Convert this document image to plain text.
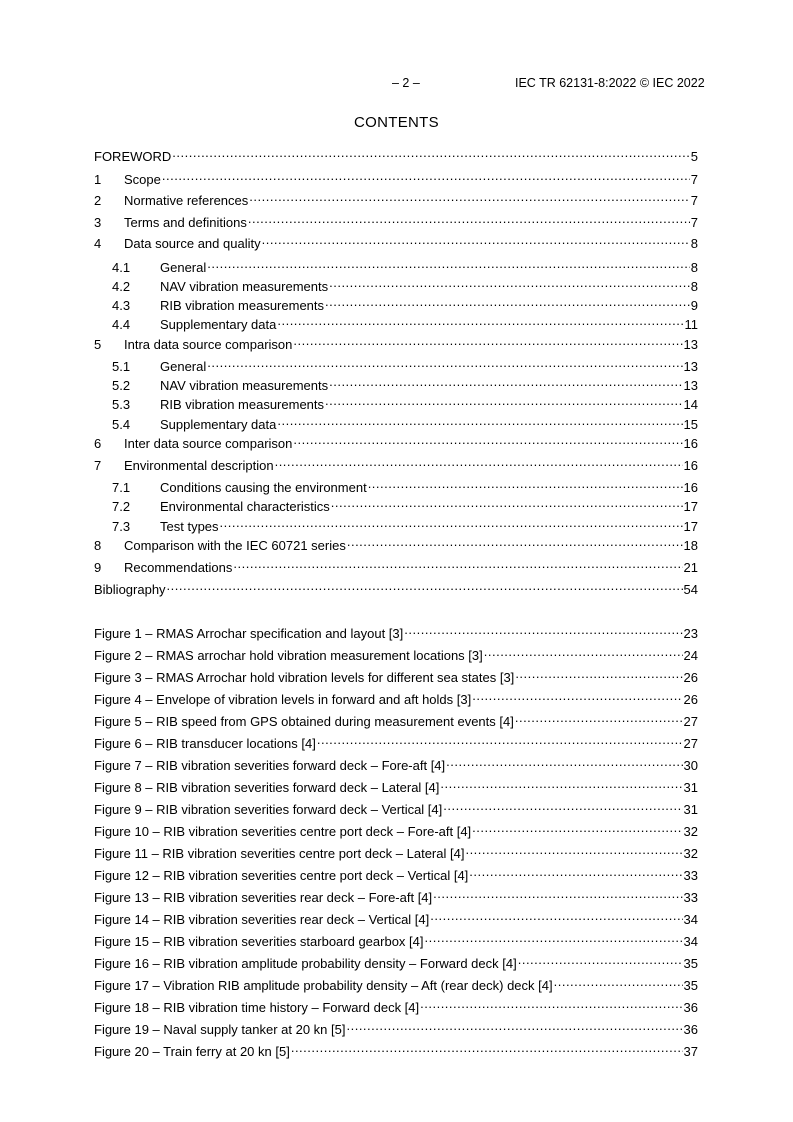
– 2 –	IEC TR 62131-8:2022 © IEC 2022
CONTENTS
FOREWORD .....	5
1	Scope .....	7
2	Normative references .....	7
3	Terms and definitions .....	7
4	Data source and quality .....	8
4.1	General .....	8
4.2	NAV vibration measurements .....	8
4.3	RIB vibration measurements .....	9
4.4	Supplementary data .....	11
5	Intra data source comparison .....	13
5.1	General .....	13
5.2	NAV vibration measurements .....	13
5.3	RIB vibration measurements .....	14
5.4	Supplementary data .....	15
6	Inter data source comparison .....	16
7	Environmental description .....	16
7.1	Conditions causing the environment .....	16
7.2	Environmental characteristics .....	17
7.3	Test types .....	17
8	Comparison with the IEC 60721 series .....	18
9	Recommendations .....	21
Bibliography .....	54
Figure 1 – RMAS Arrochar specification and layout [3] .....	23
Figure 2 – RMAS arrochar hold vibration measurement locations [3] .....	24
Figure 3 – RMAS Arrochar hold vibration levels for different sea states [3] .....	26
Figure 4 – Envelope of vibration levels in forward and aft holds [3] .....	26
Figure 5 – RIB speed from GPS obtained during measurement events [4] .....	27
Figure 6 – RIB transducer locations [4] .....	27
Figure 7 – RIB vibration severities forward deck – Fore-aft [4] .....	30
Figure 8 – RIB vibration severities forward deck – Lateral [4] .....	31
Figure 9 – RIB vibration severities forward deck – Vertical [4] .....	31
Figure 10 – RIB vibration severities centre port deck – Fore-aft [4] .....	32
Figure 11 – RIB vibration severities centre port deck – Lateral [4] .....	32
Figure 12 – RIB vibration severities centre port deck – Vertical [4] .....	33
Figure 13 – RIB vibration severities rear deck – Fore-aft [4] .....	33
Figure 14 – RIB vibration severities rear deck – Vertical [4] .....	34
Figure 15 – RIB vibration severities starboard gearbox [4] .....	34
Figure 16 – RIB vibration amplitude probability density – Forward deck [4] .....	35
Figure 17 – Vibration RIB amplitude probability density – Aft (rear deck) deck [4] .....	35
Figure 18 – RIB vibration time history – Forward deck [4] .....	36
Figure 19 – Naval supply tanker at 20 kn [5] .....	36
Figure 20 – Train ferry at 20 kn [5] .....	37
